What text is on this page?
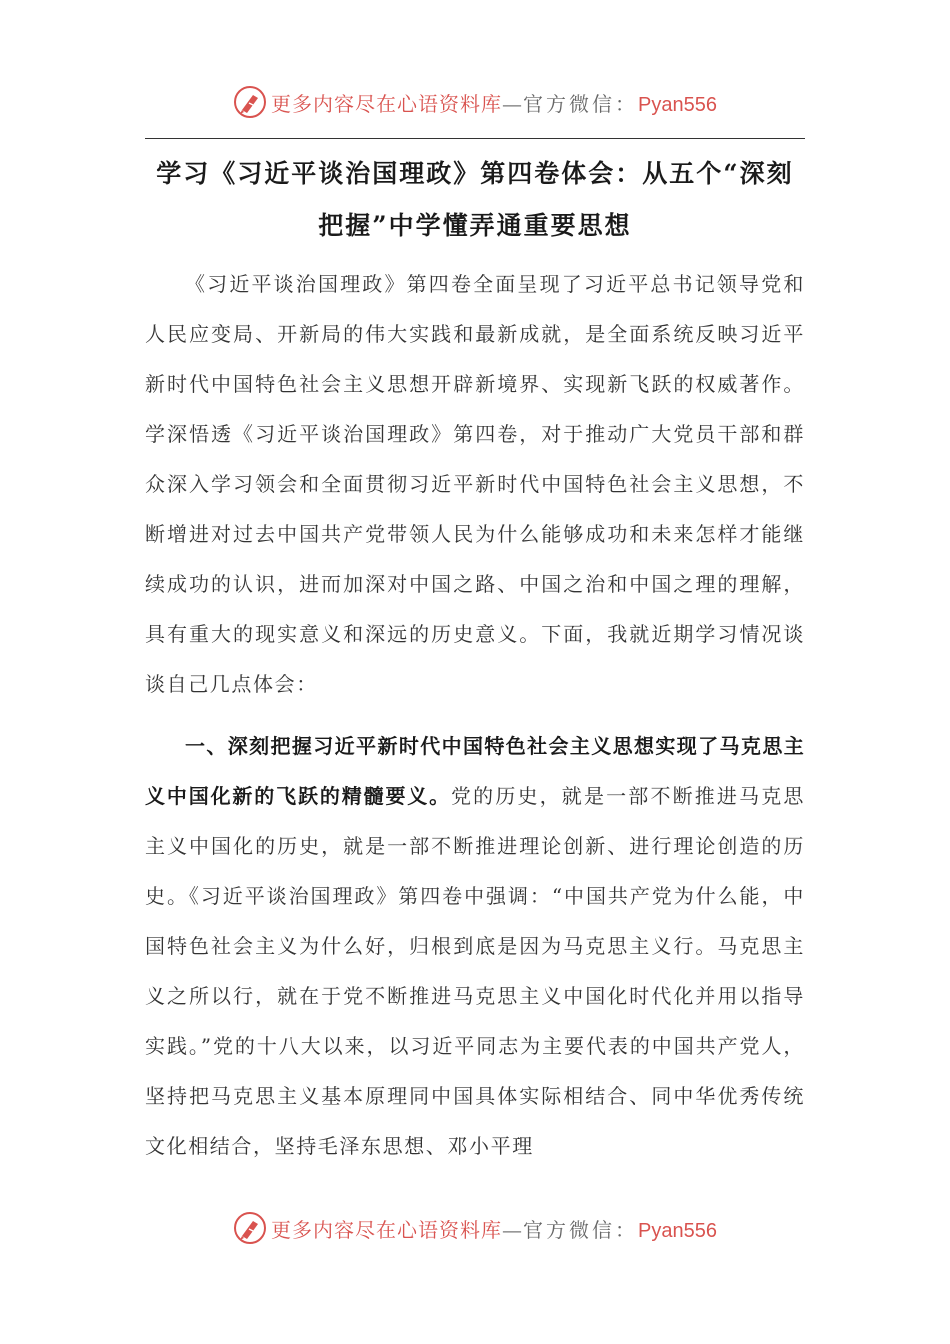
更多内容尽在心语资料库—官方微信：Pyan556
学习《习近平谈治国理政》第四卷体会：从五个“深刻把握”中学懂弄通重要思想
《习近平谈治国理政》第四卷全面呈现了习近平总书记领导党和人民应变局、开新局的伟大实践和最新成就，是全面系统反映习近平新时代中国特色社会主义思想开辟新境界、实现新飞跃的权威著作。学深悟透《习近平谈治国理政》第四卷，对于推动广大党员干部和群众深入学习领会和全面贯彻习近平新时代中国特色社会主义思想，不断增进对过去中国共产党带领人民为什么能够成功和未来怎样才能继续成功的认识，进而加深对中国之路、中国之治和中国之理的理解，具有重大的现实意义和深远的历史意义。下面，我就近期学习情况谈谈自己几点体会：
一、深刻把握习近平新时代中国特色社会主义思想实现了马克思主义中国化新的飞跃的精髓要义。党的历史，就是一部不断推进马克思主义中国化的历史，就是一部不断推进理论创新、进行理论创造的历史。《习近平谈治国理政》第四卷中强调：“中国共产党为什么能，中国特色社会主义为什么好，归根到底是因为马克思主义行。马克思主义之所以行，就在于党不断推进马克思主义中国化时代化并用以指导实践。”党的十八大以来，以习近平同志为主要代表的中国共产党人，坚持把马克思主义基本原理同中国具体实际相结合、同中华优秀传统文化相结合，坚持毛泽东思想、邓小平理
更多内容尽在心语资料库—官方微信：Pyan556
